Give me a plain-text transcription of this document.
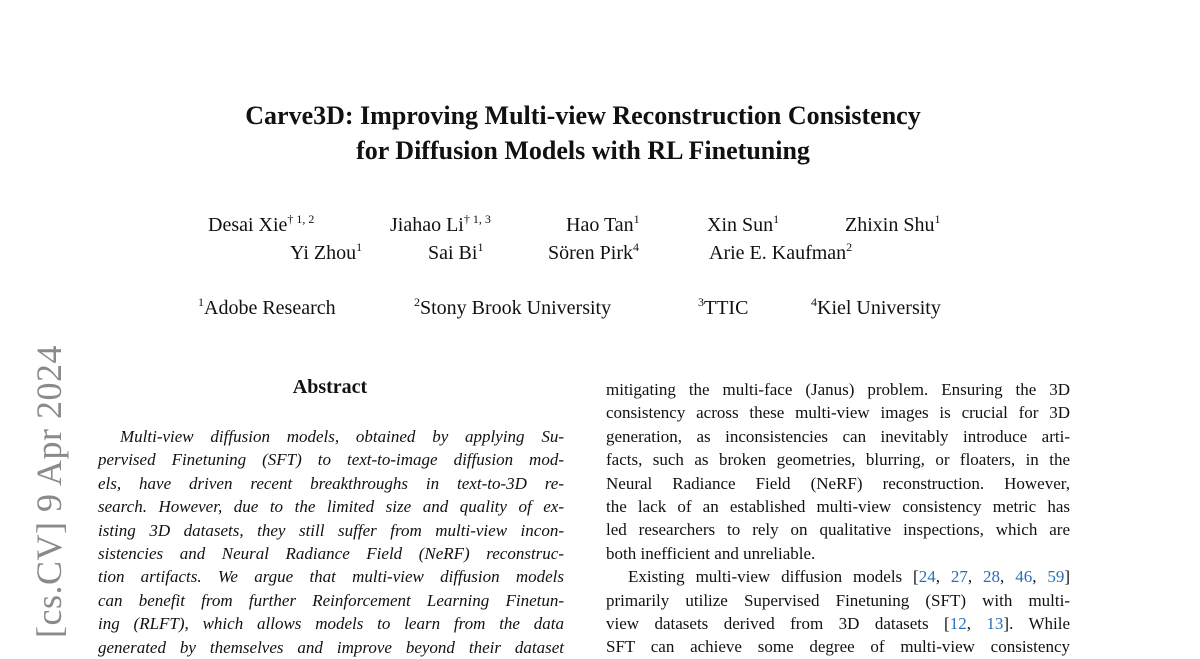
Carve3D: Improving Multi-view Reconstruction Consistency
for Diffusion Models with RL Finetuning
Desai Xie$^{\dagger 1, 2}$	Jiahao Li$^{\dagger 1, 3}$	Hao Tan$^1$	Xin Sun$^1$	Zhixin Shu$^1$
Yi Zhou$^1$	Sai Bi$^1$	Sören Pirk$^4$	Arie E. Kaufman$^2$
$^1$Adobe Research	$^2$Stony Brook University	$^3$TTIC	$^4$Kiel University
[cs.CV] 9 Apr 2024	Abstract
Multi-view diffusion models, obtained by applying Su-
pervised Finetuning (SFT) to text-to-image diffusion mod-
els, have driven recent breakthroughs in text-to-3D re-
search. However, due to the limited size and quality of ex-
isting 3D datasets, they still suffer from multi-view incon-
sistencies and Neural Radiance Field (NeRF) reconstruc-
tion artifacts. We argue that multi-view diffusion models
can benefit from further Reinforcement Learning Finetun-
ing (RLFT), which allows models to learn from the data
generated by themselves and improve beyond their dataset
mitigating the multi-face (Janus) problem. Ensuring the 3D
consistency across these multi-view images is crucial for 3D
generation, as inconsistencies can inevitably introduce arti-
facts, such as broken geometries, blurring, or floaters, in the
Neural Radiance Field (NeRF) reconstruction. However,
the lack of an established multi-view consistency metric has
led researchers to rely on qualitative inspections, which are
both inefficient and unreliable.
Existing multi-view diffusion models [24, 27, 28, 46, 59]
primarily utilize Supervised Finetuning (SFT) with multi-
view datasets derived from 3D datasets [12, 13]. While
SFT can achieve some degree of multi-view consistency
